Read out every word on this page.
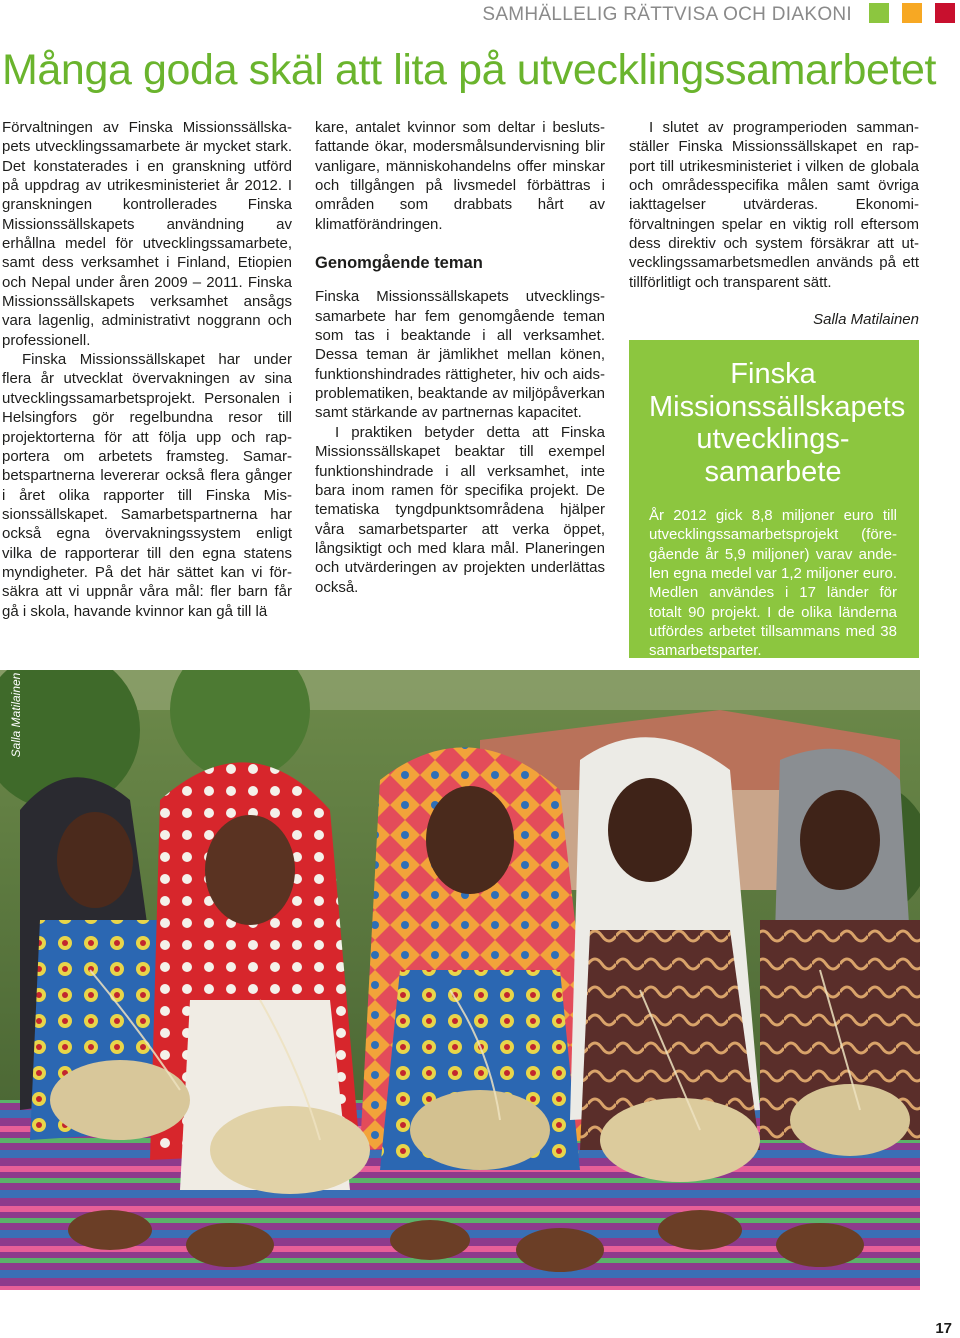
SAMHÄLLELIG RÄTTVISA OCH DIAKONI
Många goda skäl att lita på utvecklingssamarbetet

Förvaltningen av Finska Missionssällskapets utvecklingssamarbete är mycket stark. Det konstaterades i en granskning utförd på uppdrag av utrikesministeriet år 2012. I granskningen kontrollerades Finska Missionssällskapets användning av erhållna medel för utvecklingssamarbete, samt dess verksamhet i Finland, Etiopien och Nepal under åren 2009 – 2011. Finska Missionssällskapets verksamhet ansågs vara lagenlig, administrativt noggrann och professionell.

Finska Missionssällskapet har under flera år utvecklat övervakningen av sina utvecklingssamarbetsprojekt. Personalen i Helsingfors gör regelbundna resor till projektorterna för att följa upp och rapportera om arbetets framsteg. Samarbetspartnerna levererar också flera gånger i året olika rapporter till Finska Missionssällskapet. Samarbetspartnerna har också egna övervakningssystem enligt vilka de rapporterar till den egna statens myndigheter. På det här sättet kan vi försäkra att vi uppnår våra mål: fler barn får gå i skola, havande kvinnor kan gå till lä

kare, antalet kvinnor som deltar i beslutsfattande ökar, modersmålsundervisning blir vanligare, människohandelns offer minskar och tillgången på livsmedel förbättras i områden som drabbats hårt av klimatförändringen.

Genomgående teman

Finska Missionssällskapets utvecklingssamarbete har fem genomgående teman som tas i beaktande i all verksamhet. Dessa teman är jämlikhet mellan könen, funktionshindrades rättigheter, hiv och aids-problematiken, beaktande av miljöpåverkan samt stärkande av partnernas kapacitet.

I praktiken betyder detta att Finska Missionssällskapet beaktar till exempel funktionshindrade i all verksamhet, inte bara inom ramen för specifika projekt. De tematiska tyngdpunktsområdena hjälper våra samarbetsparter att verka öppet, långsiktigt och med klara mål. Planeringen och utvärderingen av projekten underlättas också.

I slutet av programperioden sammanställer Finska Missionssällskapet en rapport till utrikesministeriet i vilken de globala och områdesspecifika målen samt övriga iakttagelser utvärderas. Ekonomiförvaltningen spelar en viktig roll eftersom dess direktiv och system försäkrar att utvecklingssamarbetsmedlen används på ett tillförlitligt och transparent sätt.

Salla Matilainen
Finska Missionssällskapets utvecklingssamarbete
År 2012 gick 8,8 miljoner euro till utvecklingssamarbetsprojekt (föregående år 5,9 miljoner) varav andelen egna medel var 1,2 miljoner euro. Medlen användes i 17 länder för totalt 90 projekt. I de olika länderna utfördes arbetet tillsammans med 38 samarbetsparter.
Salla Matilainen
17
